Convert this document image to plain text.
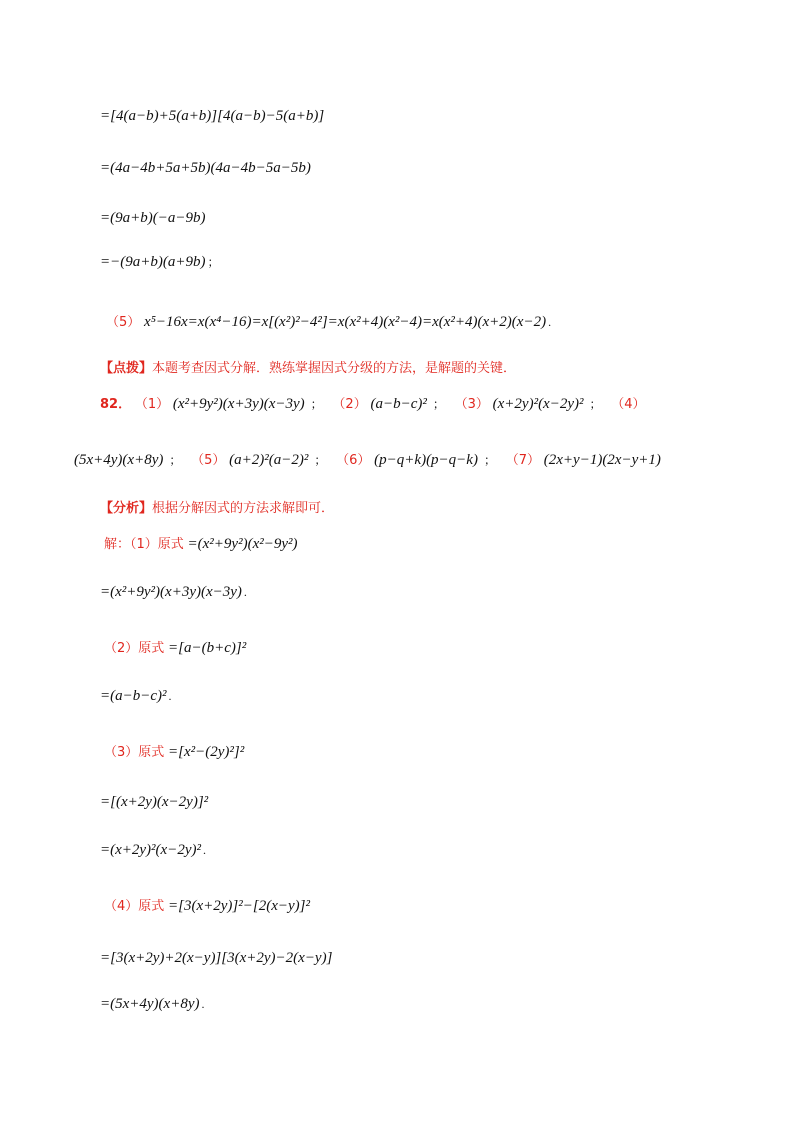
=[4(a−b)+5(a+b)][4(a−b)−5(a+b)]
=(4a−4b+5a+5b)(4a−4b−5a−5b)
=(9a+b)(−a−9b)
=−(9a+b)(a+9b) ；
（5） x⁵−16x=x(x⁴−16)=x[(x²)²−4²]=x(x²+4)(x²−4)=x(x²+4)(x+2)(x−2) .
【点拨】本题考查因式分解．熟练掌握因式分级的方法，是解题的关键．
82． （1） (x²+9y²)(x+3y)(x−3y) ； （2） (a−b−c)² ； （3） (x+2y)²(x−2y)² ； （4）
(5x+4y)(x+8y) ； （5） (a+2)²(a−2)² ； （6） (p−q+k)(p−q−k) ； （7） (2x+y−1)(2x−y+1)
【分析】根据分解因式的方法求解即可．
解：（1）原式 =(x²+9y²)(x²−9y²)
=(x²+9y²)(x+3y)(x−3y) .
（2）原式 =[a−(b+c)]²
=(a−b−c)² .
（3）原式 =[x²−(2y)²]²
=[(x+2y)(x−2y)]²
=(x+2y)²(x−2y)² .
（4）原式 =[3(x+2y)]²−[2(x−y)]²
=[3(x+2y)+2(x−y)][3(x+2y)−2(x−y)]
=(5x+4y)(x+8y) .
